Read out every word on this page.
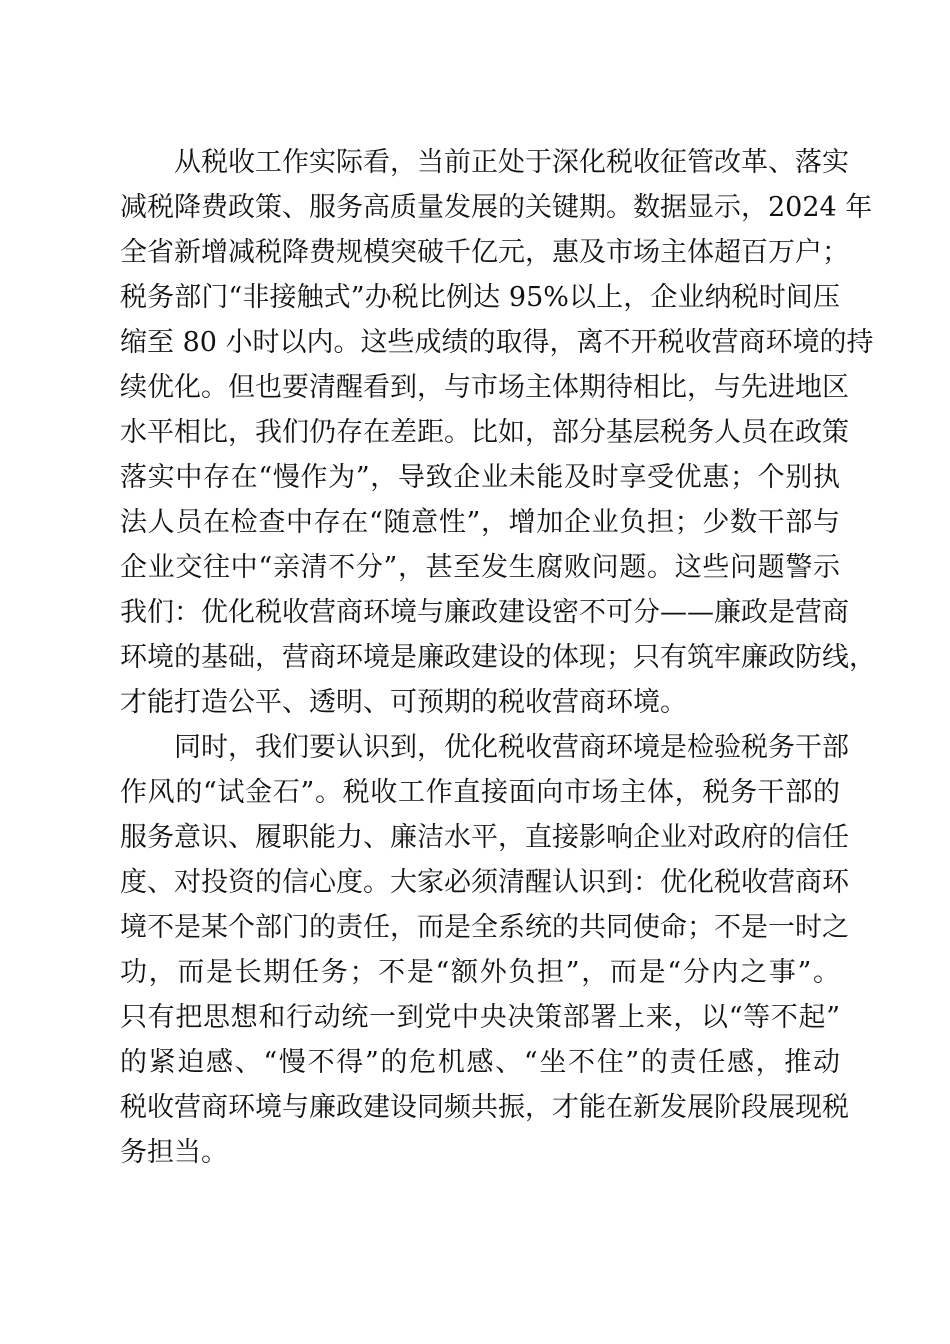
从税收工作实际看，当前正处于深化税收征管改革、落实
减税降费政策、服务高质量发展的关键期。数据显示，2024 年
全省新增减税降费规模突破千亿元，惠及市场主体超百万户；
税务部门“非接触式”办税比例达 95%以上，企业纳税时间压
缩至 80 小时以内。这些成绩的取得，离不开税收营商环境的持
续优化。但也要清醒看到，与市场主体期待相比，与先进地区
水平相比，我们仍存在差距。比如，部分基层税务人员在政策
落实中存在“慢作为”，导致企业未能及时享受优惠；个别执
法人员在检查中存在“随意性”，增加企业负担；少数干部与
企业交往中“亲清不分”，甚至发生腐败问题。这些问题警示
我们：优化税收营商环境与廉政建设密不可分——廉政是营商
环境的基础，营商环境是廉政建设的体现；只有筑牢廉政防线，
才能打造公平、透明、可预期的税收营商环境。
同时，我们要认识到，优化税收营商环境是检验税务干部
作风的“试金石”。税收工作直接面向市场主体，税务干部的
服务意识、履职能力、廉洁水平，直接影响企业对政府的信任
度、对投资的信心度。大家必须清醒认识到：优化税收营商环
境不是某个部门的责任，而是全系统的共同使命；不是一时之
功，而是长期任务；不是“额外负担”，而是“分内之事”。
只有把思想和行动统一到党中央决策部署上来，以“等不起”
的紧迫感、“慢不得”的危机感、“坐不住”的责任感，推动
税收营商环境与廉政建设同频共振，才能在新发展阶段展现税
务担当。
